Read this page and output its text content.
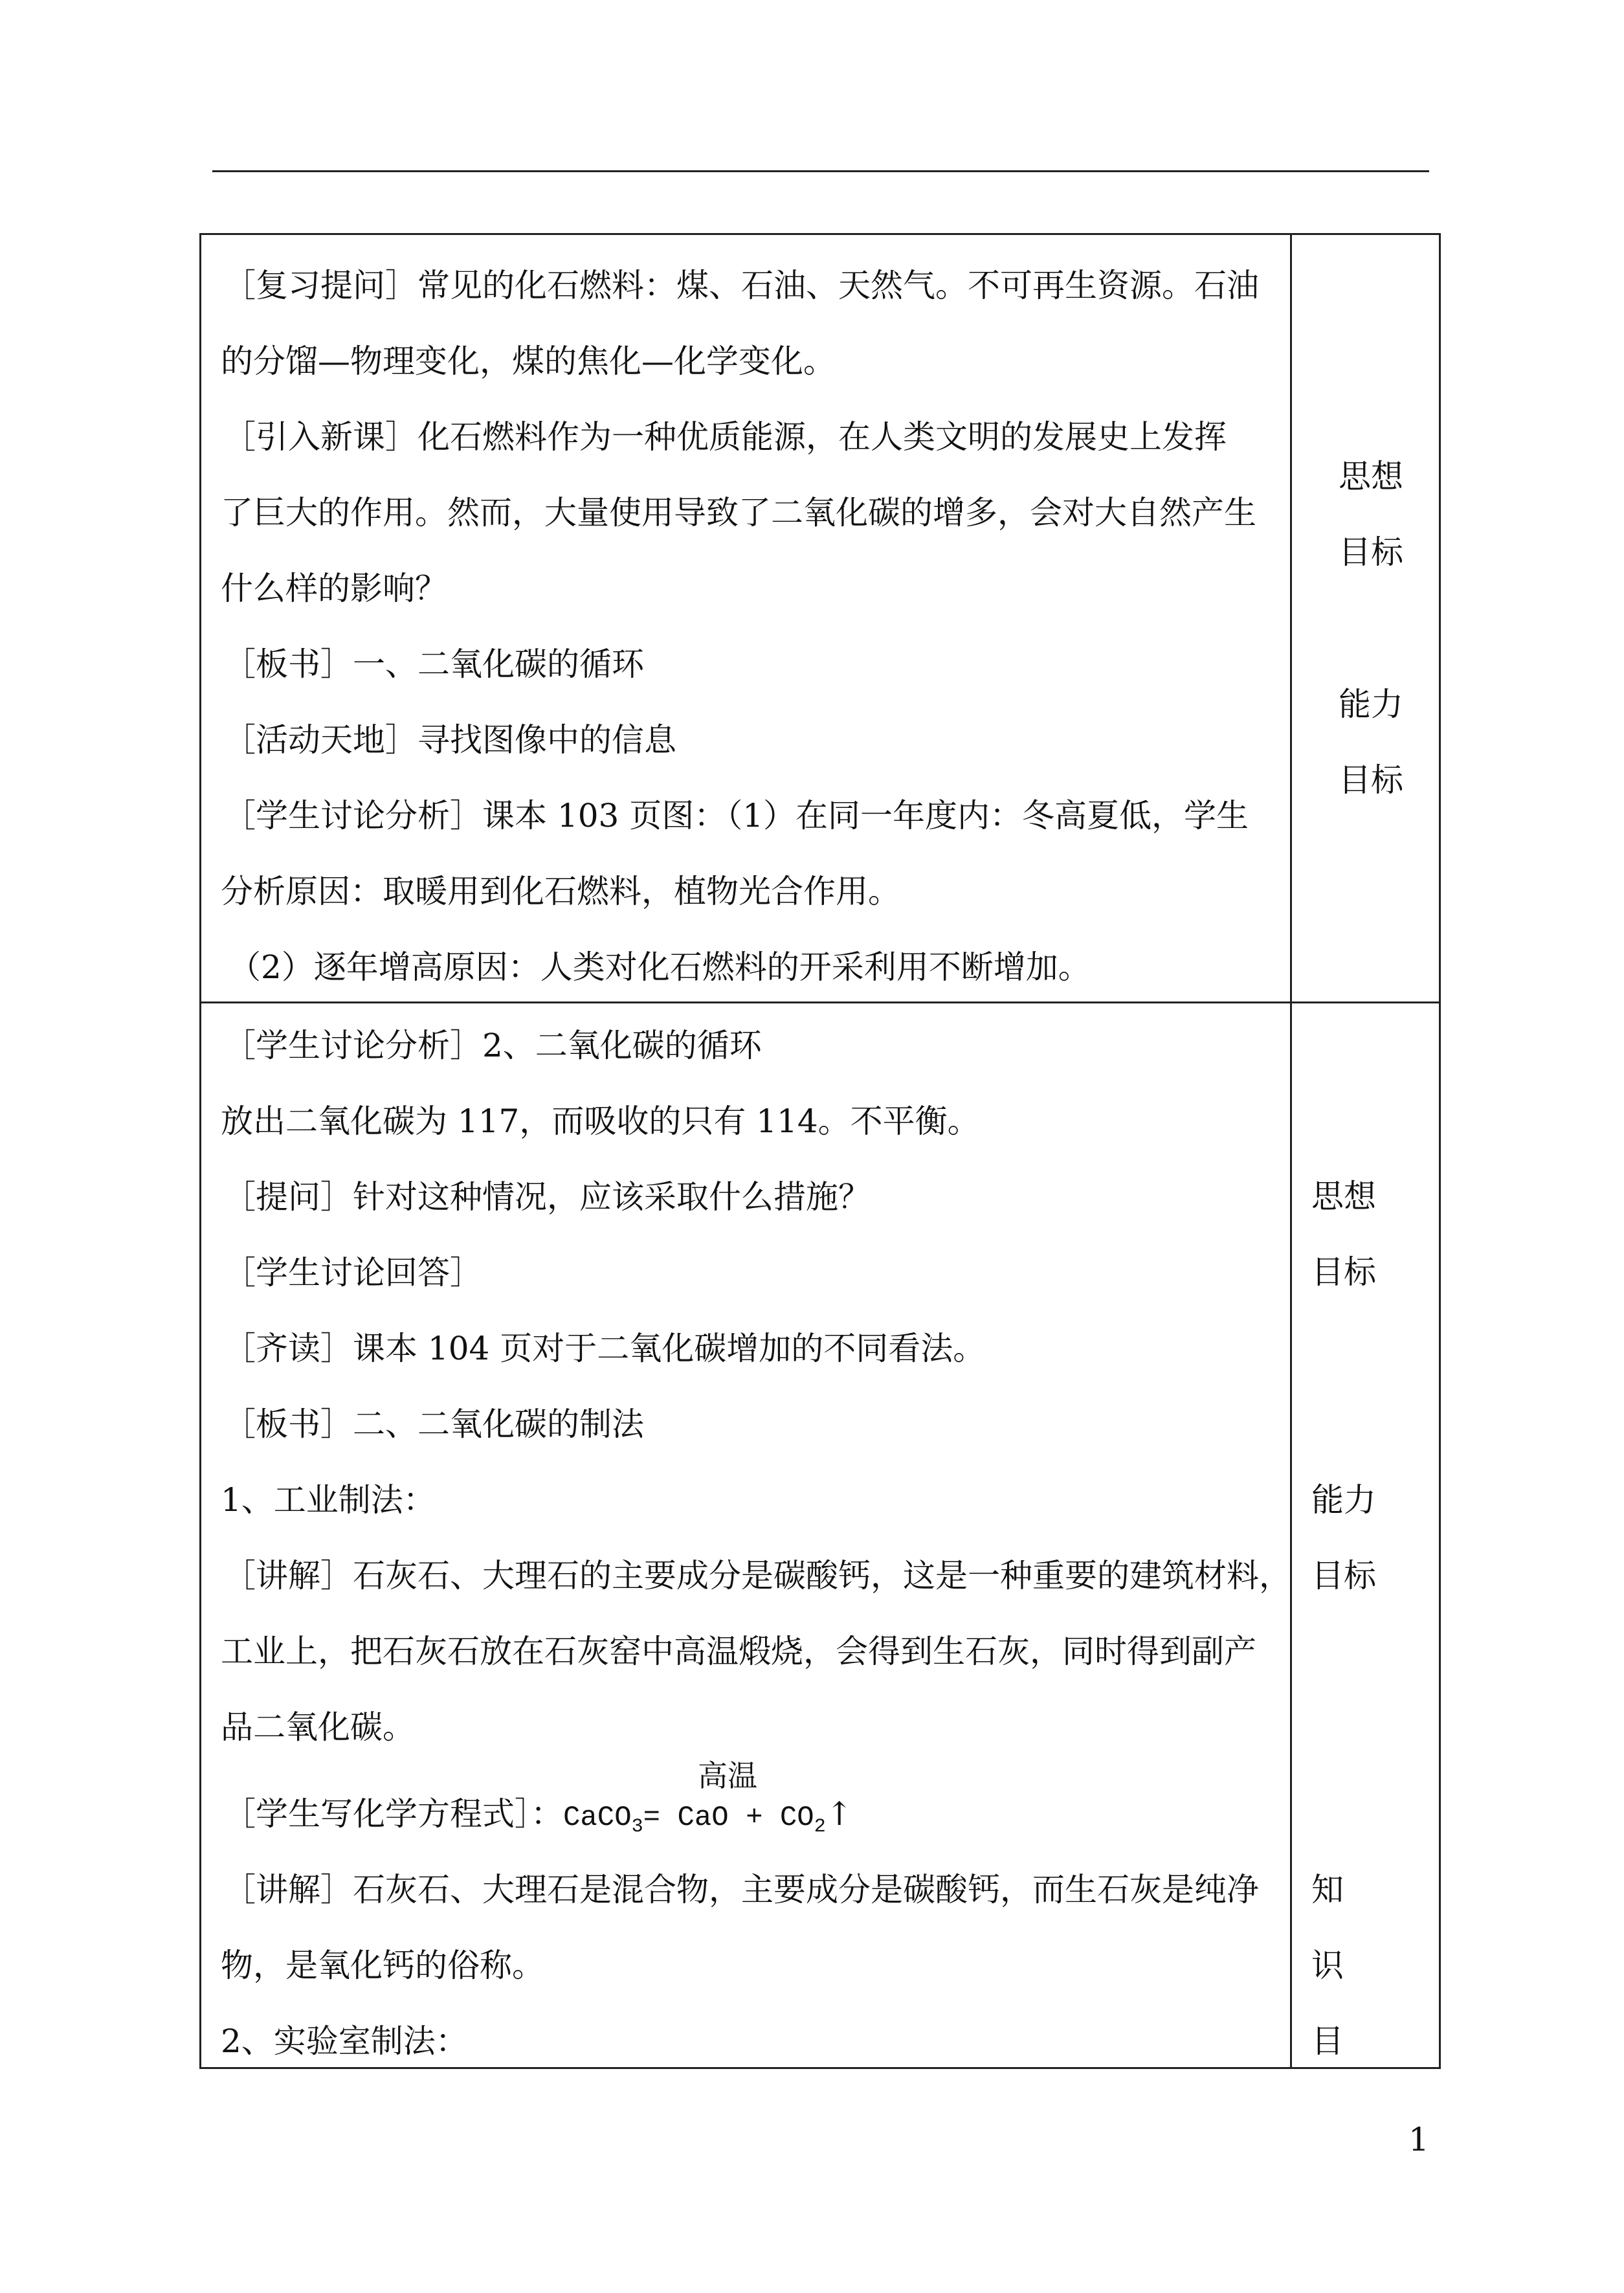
［复习提问］常见的化石燃料：煤、石油、天然气。不可再生资源。石油
的分馏—物理变化，煤的焦化—化学变化。
［引入新课］化石燃料作为一种优质能源，在人类文明的发展史上发挥
了巨大的作用。然而，大量使用导致了二氧化碳的增多，会对大自然产生
什么样的影响？
［板书］一、二氧化碳的循环
［活动天地］寻找图像中的信息
［学生讨论分析］课本 103 页图：（1）在同一年度内：冬高夏低，学生
分析原因：取暖用到化石燃料，植物光合作用。
（2）逐年增高原因：人类对化石燃料的开采利用不断增加。
思想
目标
能力
目标
［学生讨论分析］2、二氧化碳的循环
放出二氧化碳为 117，而吸收的只有 114。不平衡。
［提问］针对这种情况，应该采取什么措施？
［学生讨论回答］
［齐读］课本 104 页对于二氧化碳增加的不同看法。
［板书］二、二氧化碳的制法
1、工业制法：
［讲解］石灰石、大理石的主要成分是碳酸钙，这是一种重要的建筑材料，
工业上，把石灰石放在石灰窑中高温煅烧，会得到生石灰，同时得到副产
品二氧化碳。
高温
［学生写化学方程式］：CaCO$_3$= CaO + $CO_2↑$
［讲解］石灰石、大理石是混合物，主要成分是碳酸钙，而生石灰是纯净
物，是氧化钙的俗称。
2、实验室制法：
思想
目标
能力
目标
知
识
目
1
